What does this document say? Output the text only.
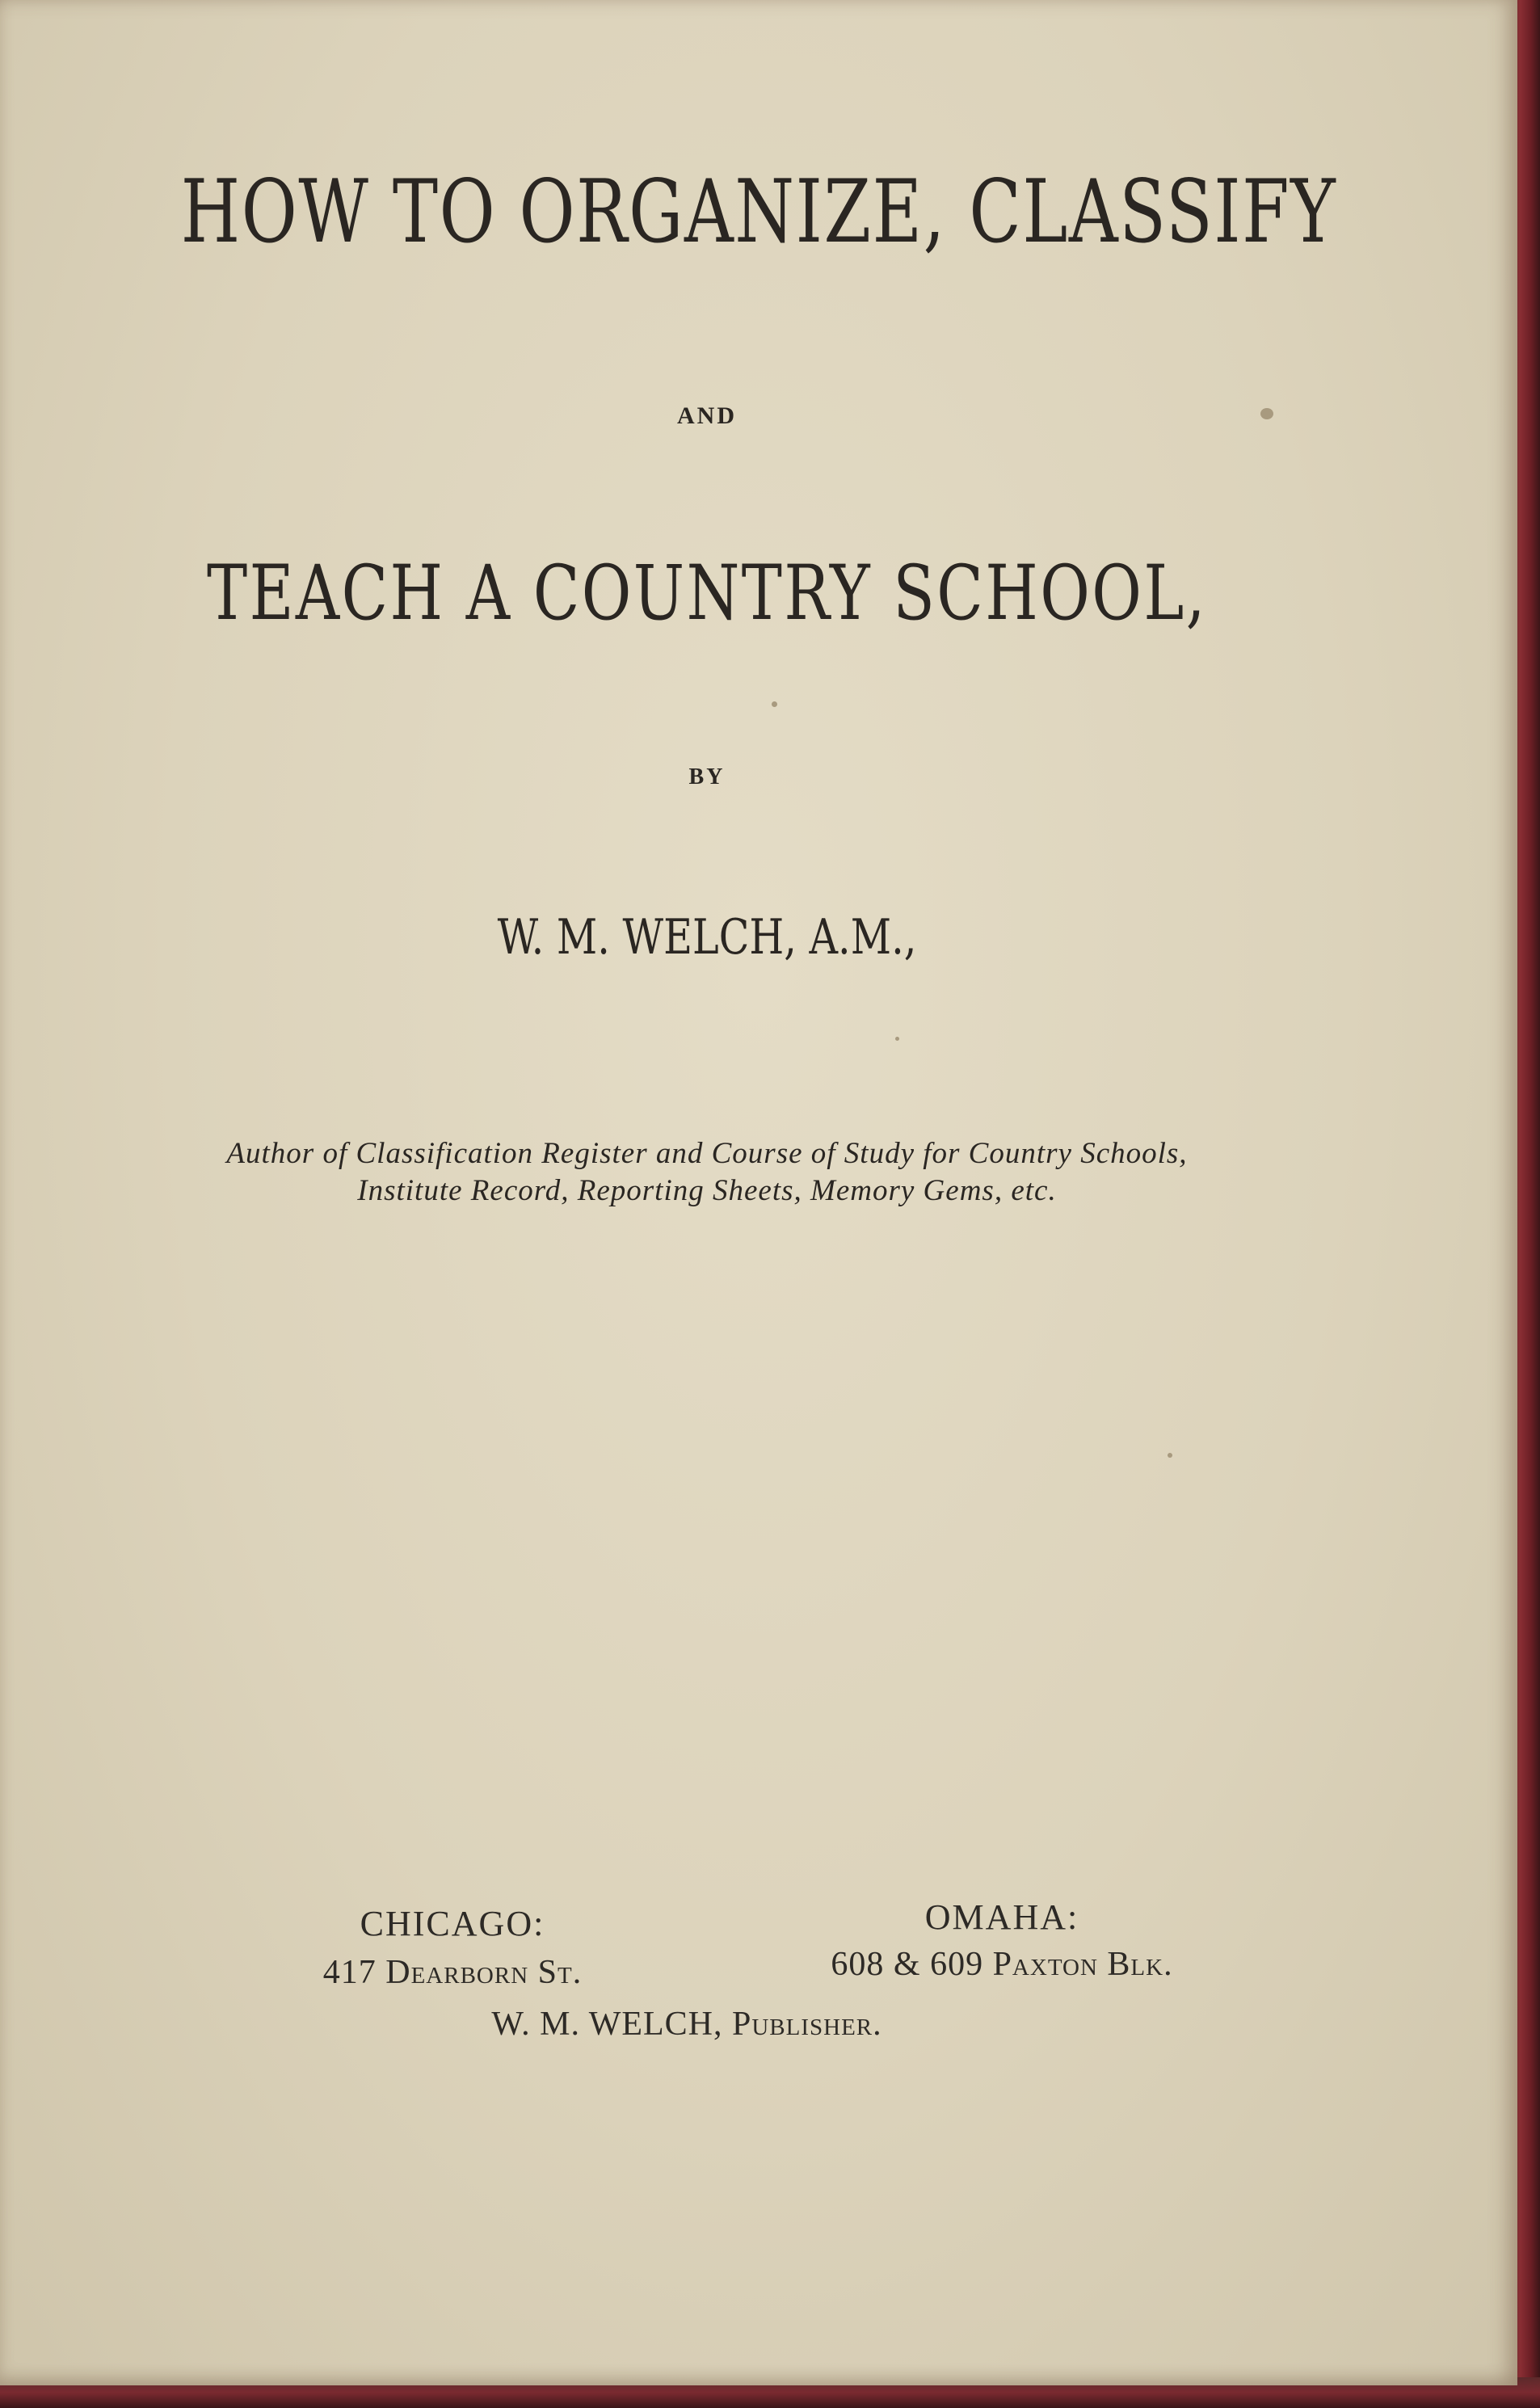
HOW TO ORGANIZE, CLASSIFY
AND
TEACH A COUNTRY SCHOOL,
BY
W. M. WELCH, A.M.,
Author of Classification Register and Course of Study for Country Schools,
Institute Record, Reporting Sheets, Memory Gems, etc.
CHICAGO:	OMAHA:
417 Dearborn St.	608 & 609 Paxton Blk.
W. M. WELCH, Publisher.
